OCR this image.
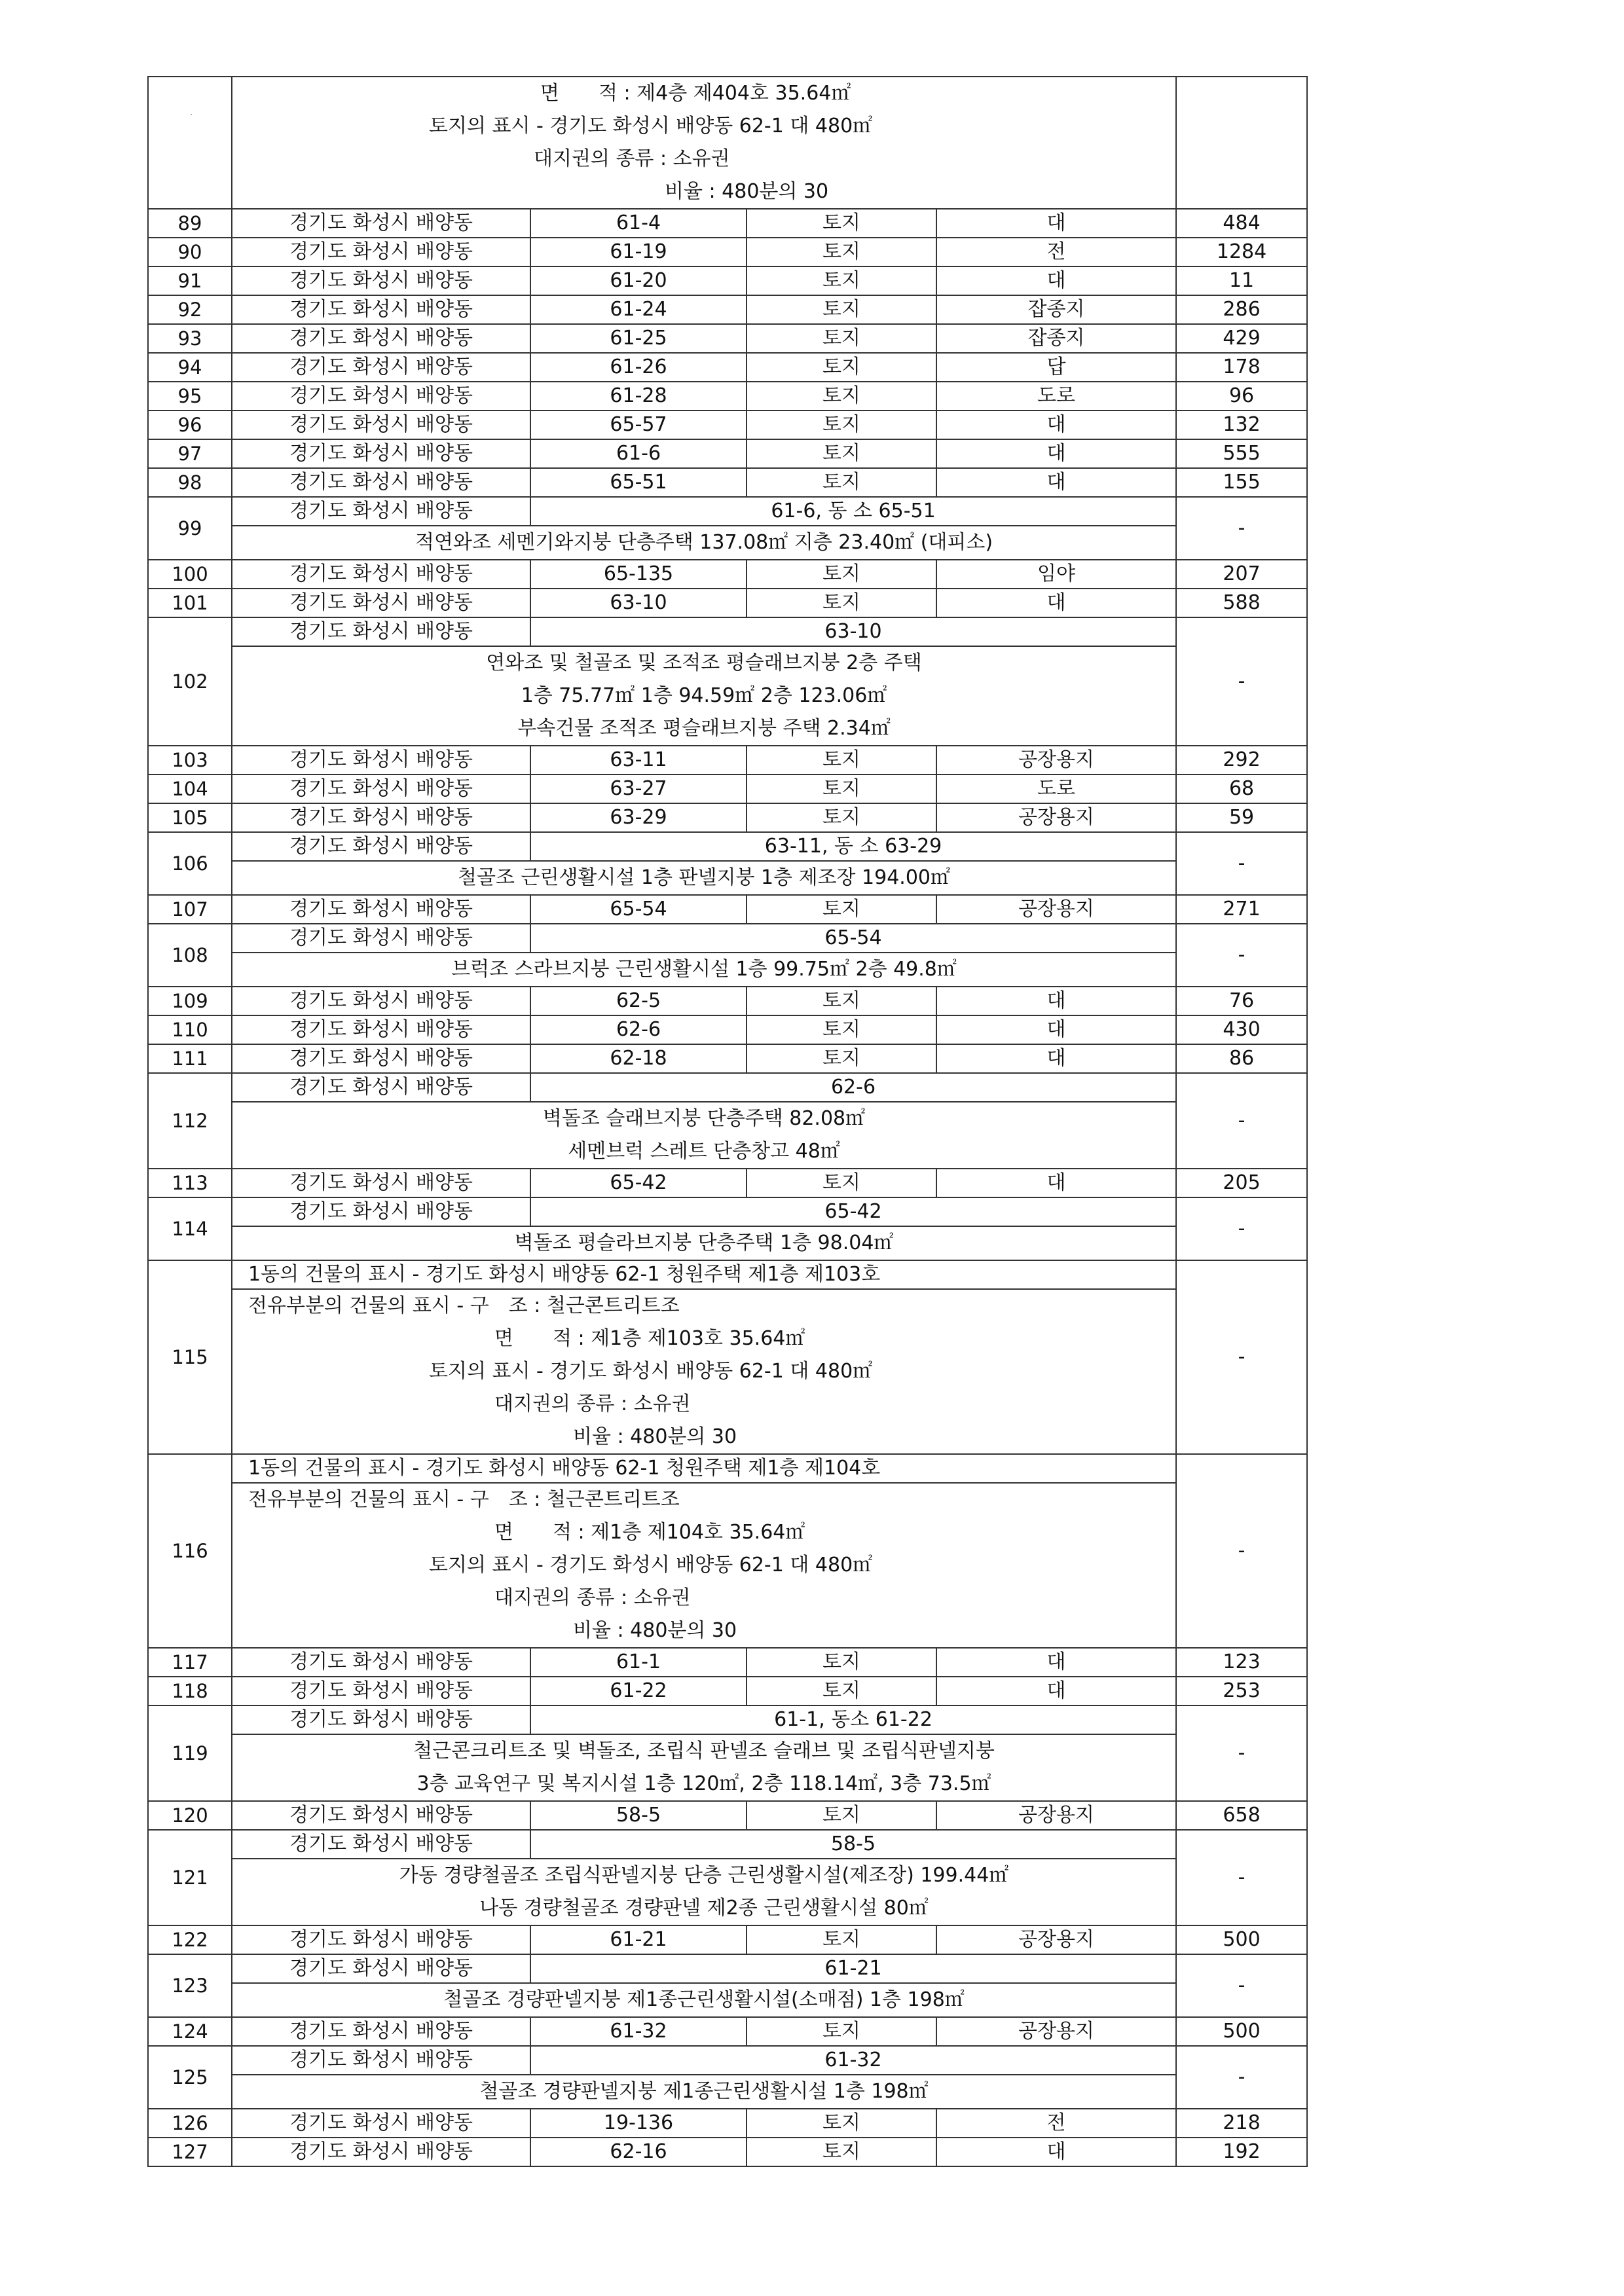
·

	면　　적 : 제4층 제404호 35.64㎡
토지의 표시 - 경기도 화성시 배양동 62-1 대 480㎡
대지권의 종류 : 소유권
비율 : 480분의 30				

89	경기도 화성시 배양동	61-4	토지	대	484
90	경기도 화성시 배양동	61-19	토지	전	1284
91	경기도 화성시 배양동	61-20	토지	대	11
92	경기도 화성시 배양동	61-24	토지	잡종지	286
93	경기도 화성시 배양동	61-25	토지	잡종지	429
94	경기도 화성시 배양동	61-26	토지	답	178
95	경기도 화성시 배양동	61-28	토지	도로	96
96	경기도 화성시 배양동	65-57	토지	대	132
97	경기도 화성시 배양동	61-6	토지	대	555
98	경기도 화성시 배양동	65-51	토지	대	155
99	경기도 화성시 배양동	61-6, 동 소 65-51			-

	적연와조 세멘기와지붕 단층주택 137.08㎡ 지층 23.40㎡ (대피소)				

100	경기도 화성시 배양동	65-135	토지	임야	207
101	경기도 화성시 배양동	63-10	토지	대	588
102	경기도 화성시 배양동	63-10			-

	연와조 및 철골조 및 조적조 평슬래브지붕 2층 주택
1층 75.77㎡ 1층 94.59㎡ 2층 123.06㎡
부속건물 조적조 평슬래브지붕 주택 2.34㎡				

103	경기도 화성시 배양동	63-11	토지	공장용지	292
104	경기도 화성시 배양동	63-27	토지	도로	68
105	경기도 화성시 배양동	63-29	토지	공장용지	59
106	경기도 화성시 배양동	63-11, 동 소 63-29			-

	철골조 근린생활시설 1층 판넬지붕 1층 제조장 194.00㎡				

107	경기도 화성시 배양동	65-54	토지	공장용지	271
108	경기도 화성시 배양동	65-54			-

	브럭조 스라브지붕 근린생활시설 1층 99.75㎡ 2층 49.8㎡				

109	경기도 화성시 배양동	62-5	토지	대	76
110	경기도 화성시 배양동	62-6	토지	대	430
111	경기도 화성시 배양동	62-18	토지	대	86
112	경기도 화성시 배양동	62-6			-

	벽돌조 슬래브지붕 단층주택 82.08㎡
세멘브럭 스레트 단층창고 48㎡				

113	경기도 화성시 배양동	65-42	토지	대	205
114	경기도 화성시 배양동	65-42			-

	벽돌조 평슬라브지붕 단층주택 1층 98.04㎡				

115	1동의 건물의 표시 - 경기도 화성시 배양동 62-1 청원주택 제1층 제103호				-

	전유부분의 건물의 표시 - 구　조 : 철근콘트리트조
면　　적 : 제1층 제103호 35.64㎡
토지의 표시 - 경기도 화성시 배양동 62-1 대 480㎡
대지권의 종류 : 소유권
비율 : 480분의 30				

116	1동의 건물의 표시 - 경기도 화성시 배양동 62-1 청원주택 제1층 제104호				-

	전유부분의 건물의 표시 - 구　조 : 철근콘트리트조
면　　적 : 제1층 제104호 35.64㎡
토지의 표시 - 경기도 화성시 배양동 62-1 대 480㎡
대지권의 종류 : 소유권
비율 : 480분의 30				

117	경기도 화성시 배양동	61-1	토지	대	123
118	경기도 화성시 배양동	61-22	토지	대	253
119	경기도 화성시 배양동	61-1, 동소 61-22			-

	철근콘크리트조 및 벽돌조, 조립식 판넬조 슬래브 및 조립식판넬지붕
3층 교육연구 및 복지시설 1층 120㎡, 2층 118.14㎡, 3층 73.5㎡				

120	경기도 화성시 배양동	58-5	토지	공장용지	658
121	경기도 화성시 배양동	58-5			-

	가동 경량철골조 조립식판넬지붕 단층 근린생활시설(제조장) 199.44㎡
나동 경량철골조 경량판넬 제2종 근린생활시설 80㎡				

122	경기도 화성시 배양동	61-21	토지	공장용지	500
123	경기도 화성시 배양동	61-21			-

	철골조 경량판넬지붕 제1종근린생활시설(소매점) 1층 198㎡				

124	경기도 화성시 배양동	61-32	토지	공장용지	500
125	경기도 화성시 배양동	61-32			-

	철골조 경량판넬지붕 제1종근린생활시설 1층 198㎡				

126	경기도 화성시 배양동	19-136	토지	전	218
127	경기도 화성시 배양동	62-16	토지	대	192
